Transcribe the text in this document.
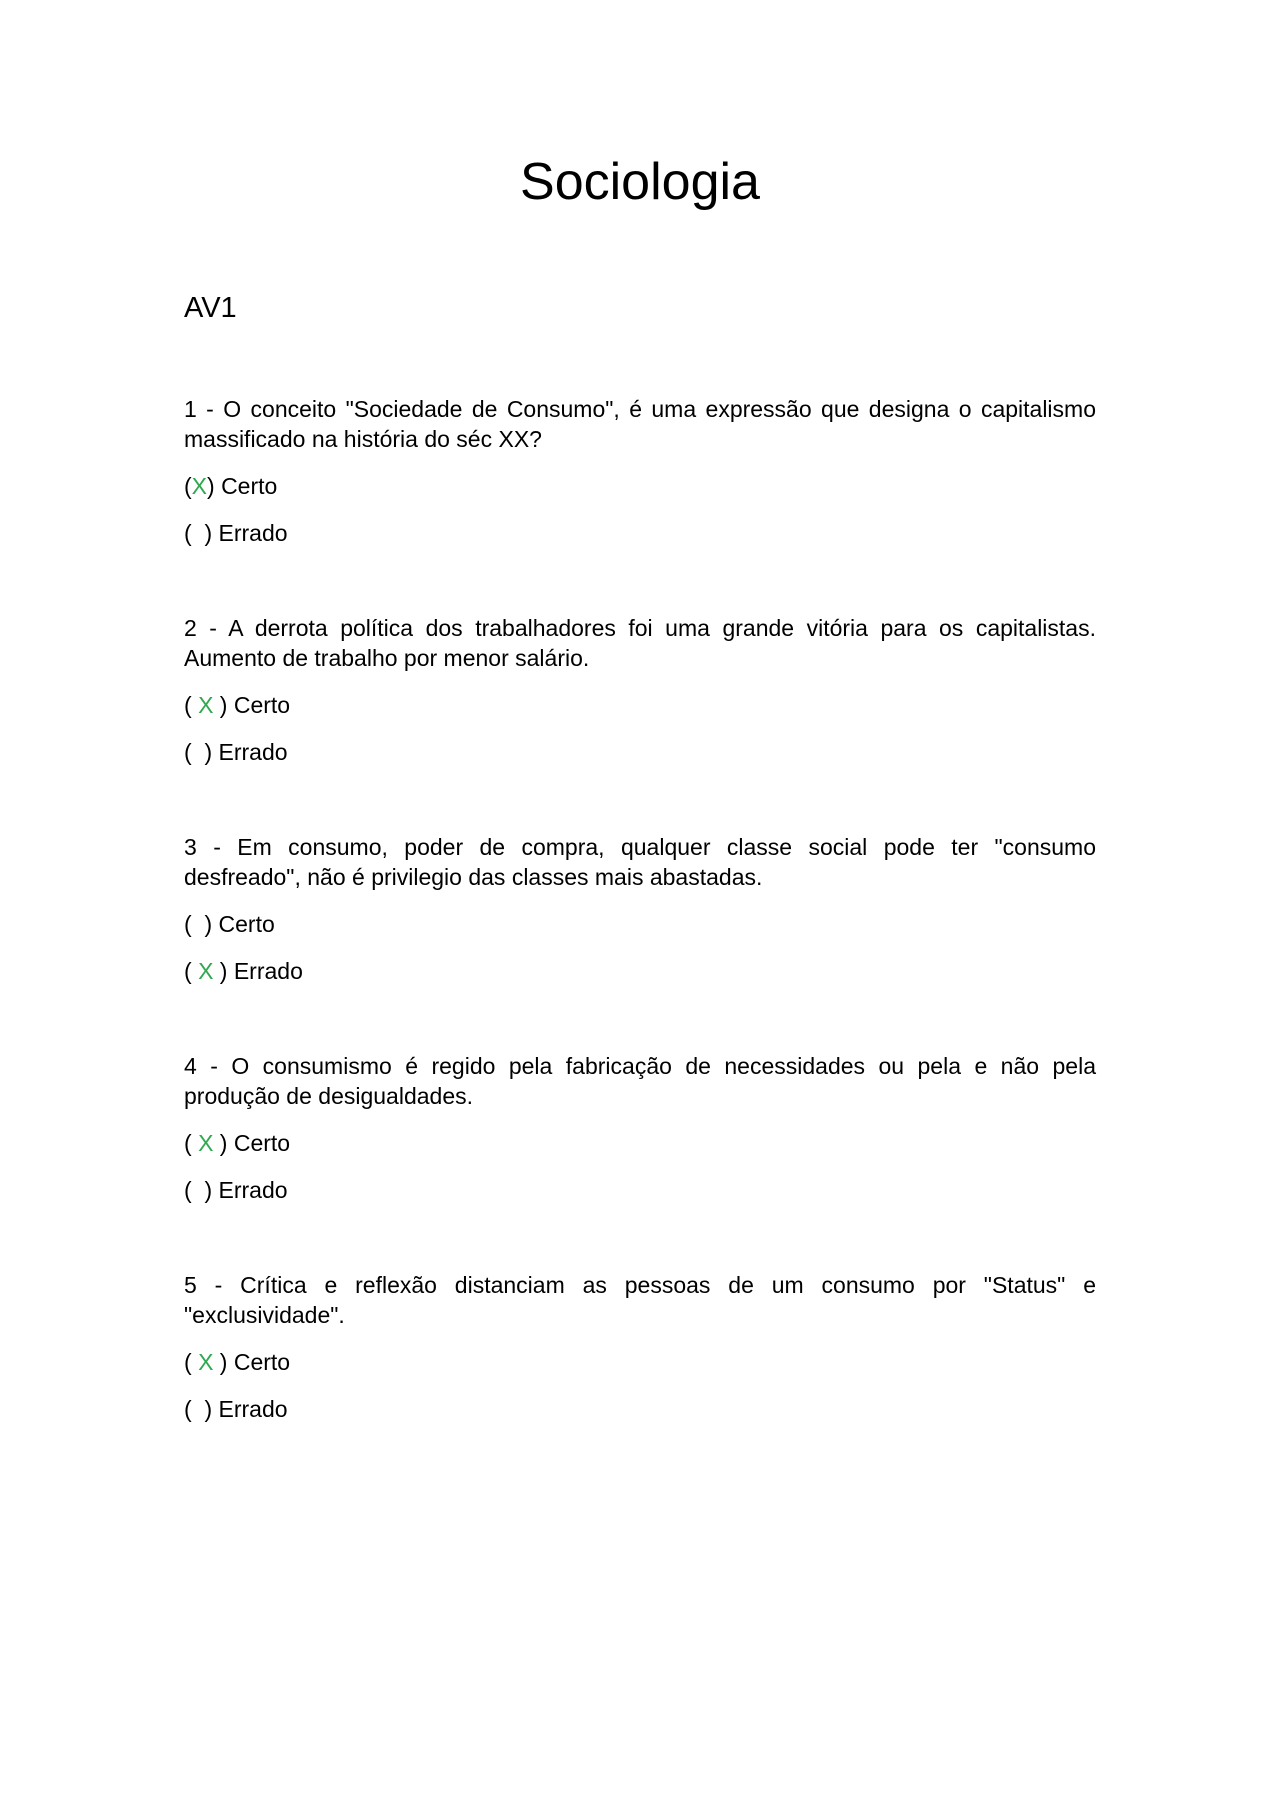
Sociologia
AV1

1 - O conceito "Sociedade de Consumo", é uma expressão que designa o capitalismo massificado na história do séc XX?

(X) Certo
( ) Errado

2 - A derrota política dos trabalhadores foi uma grande vitória para os capitalistas. Aumento de trabalho por menor salário.

( X ) Certo
( ) Errado

3 - Em consumo, poder de compra, qualquer classe social pode ter "consumo desfreado", não é privilegio das classes mais abastadas.

( ) Certo
( X ) Errado

4 - O consumismo é regido pela fabricação de necessidades ou pela e não pela produção de desigualdades.

( X ) Certo
( ) Errado

5 - Crítica e reflexão distanciam as pessoas de um consumo por "Status" e "exclusividade".

( X ) Certo
( ) Errado
